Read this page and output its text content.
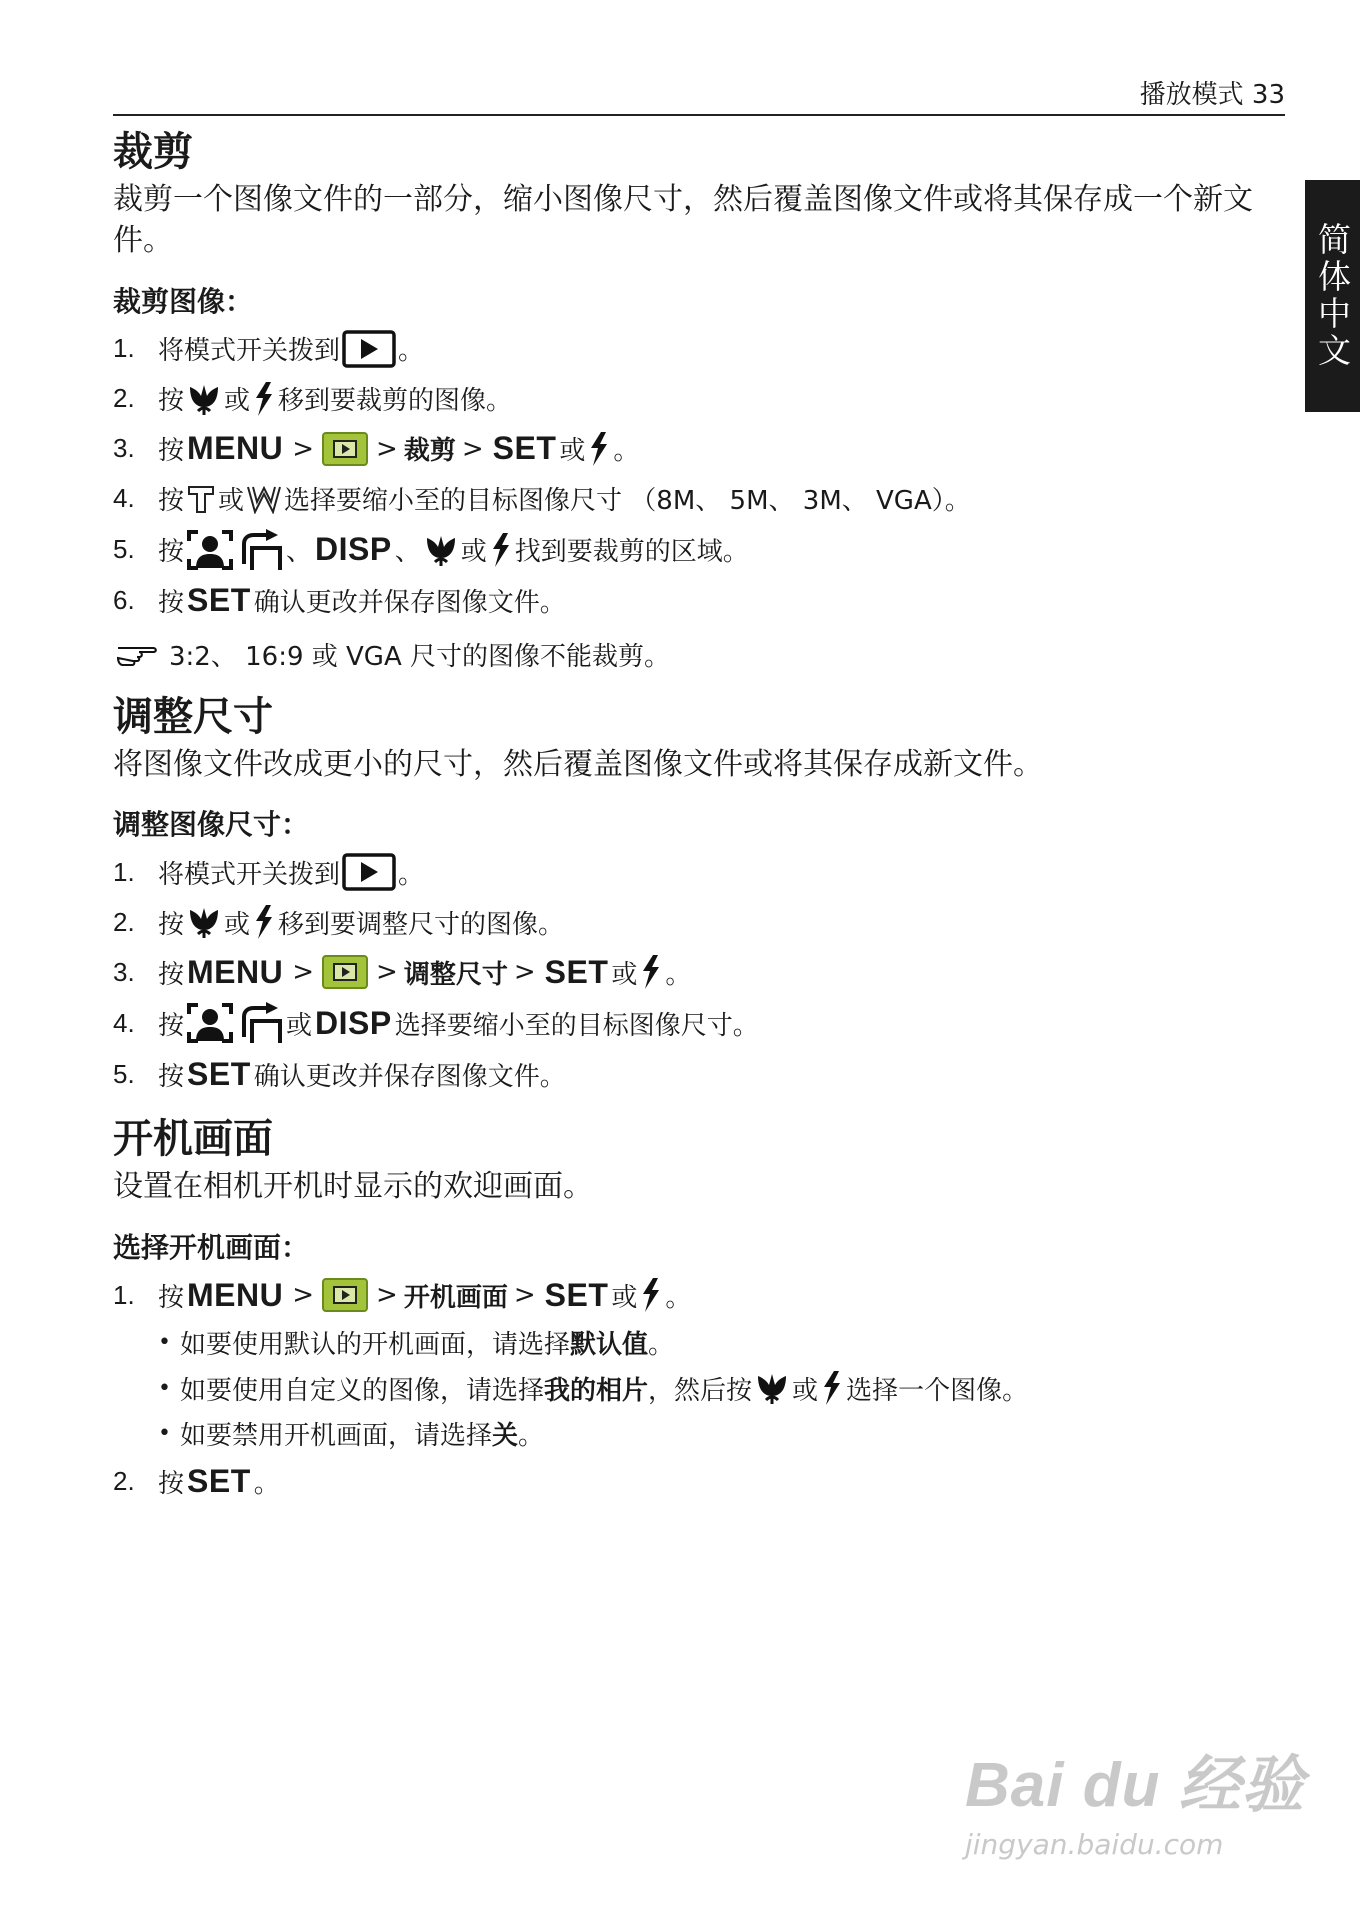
播放模式 33
简体中文
裁剪
裁剪一个图像文件的一部分，缩小图像尺寸，然后覆盖图像文件或将其保存成一个新文件。
裁剪图像：
1. 将模式开关拨到 。
2. 按 或 移到要裁剪的图像。
3. 按 MENU > > 裁剪 > SET 或 。
4. 按 或 选择要缩小至的目标图像尺寸 （8M、 5M、 3M、 VGA）。
5. 按	、 DISP 、 或 找到要裁剪的区域。
6. 按 SET 确认更改并保存图像文件。
3:2、 16:9 或 VGA 尺寸的图像不能裁剪。
调整尺寸
将图像文件改成更小的尺寸，然后覆盖图像文件或将其保存成新文件。
调整图像尺寸：
1. 将模式开关拨到 。
2. 按 或 移到要调整尺寸的图像。
3. 按 MENU > > 调整尺寸 > SET 或 。
4. 按	或 DISP 选择要缩小至的目标图像尺寸。
5. 按 SET 确认更改并保存图像文件。
开机画面
设置在相机开机时显示的欢迎画面。
选择开机画面：
1. 按 MENU > > 开机画面 > SET 或 。
• 如要使用默认的开机画面，请选择 默认值 。
• 如要使用自定义的图像，请选择 我的相片 ，然后按 或 选择一个图像。
• 如要禁用开机画面，请选择 关 。
2. 按 SET 。
Bai du 经验
jingyan.baidu.com
